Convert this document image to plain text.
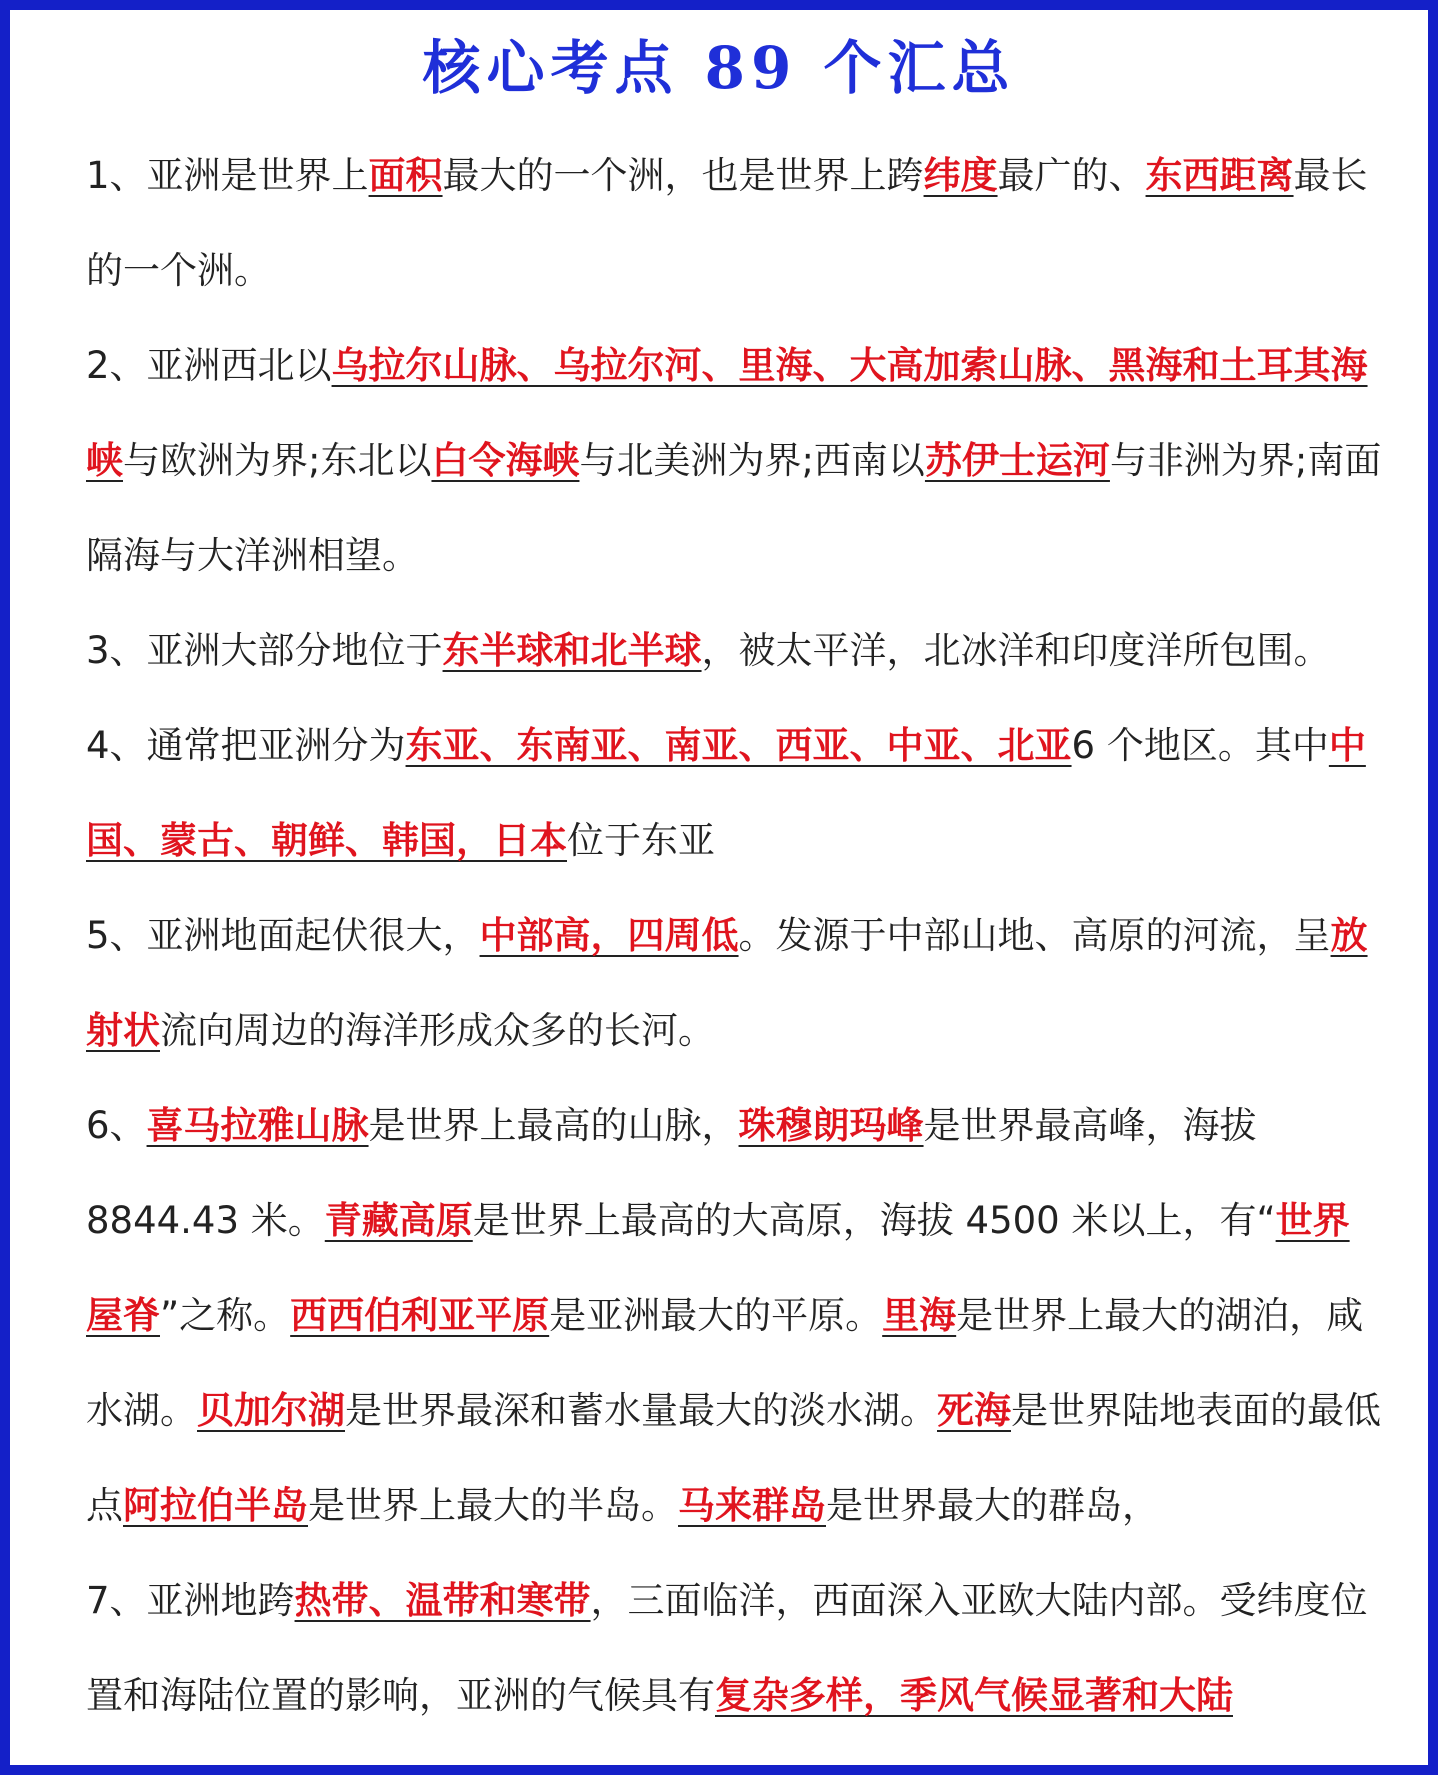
核心考点 89 个汇总

1、亚洲是世界上面积最大的一个洲，也是世界上跨纬度最广的、东西距离最长的一个洲。

2、亚洲西北以乌拉尔山脉、乌拉尔河、里海、大高加索山脉、黑海和土耳其海峡与欧洲为界;东北以白令海峡与北美洲为界;西南以苏伊士运河与非洲为界;南面隔海与大洋洲相望。

3、亚洲大部分地位于东半球和北半球，被太平洋，北冰洋和印度洋所包围。

4、通常把亚洲分为东亚、东南亚、南亚、西亚、中亚、北亚6 个地区。其中中国、蒙古、朝鲜、韩国，日本位于东亚

5、亚洲地面起伏很大，中部高，四周低。发源于中部山地、高原的河流，呈放射状流向周边的海洋形成众多的长河。

6、喜马拉雅山脉是世界上最高的山脉，珠穆朗玛峰是世界最高峰，海拔 8844.43 米。青藏高原是世界上最高的大高原，海拔 4500 米以上，有“世界屋脊”之称。西西伯利亚平原是亚洲最大的平原。里海是世界上最大的湖泊，咸水湖。贝加尔湖是世界最深和蓄水量最大的淡水湖。死海是世界陆地表面的最低点阿拉伯半岛是世界上最大的半岛。马来群岛是世界最大的群岛，

7、亚洲地跨热带、温带和寒带，三面临洋，西面深入亚欧大陆内部。受纬度位置和海陆位置的影响，亚洲的气候具有复杂多样，季风气候显著和大陆
